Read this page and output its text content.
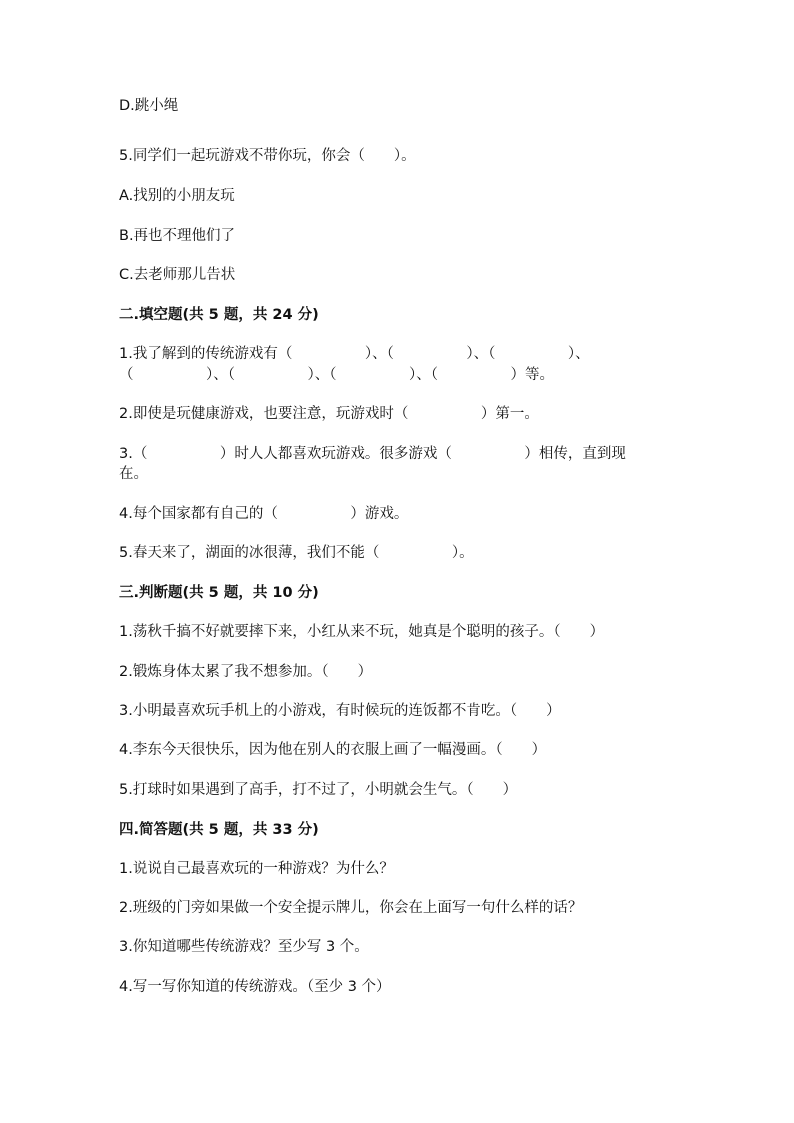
D.跳小绳
5.同学们一起玩游戏不带你玩，你会（　　）。
A.找别的小朋友玩
B.再也不理他们了
C.去老师那儿告状
二.填空题(共 5 题，共 24 分)
1.我了解到的传统游戏有（　　　　　）、（　　　　　）、（　　　　　）、
（　　　　　）、（　　　　　）、（　　　　　）、（　　　　　）等。
2.即使是玩健康游戏，也要注意，玩游戏时（　　　　　）第一。
3.（　　　　　）时人人都喜欢玩游戏。很多游戏（　　　　　）相传，直到现
在。
4.每个国家都有自己的（　　　　　）游戏。
5.春天来了，湖面的冰很薄，我们不能（　　　　　）。
三.判断题(共 5 题，共 10 分)
1.荡秋千搞不好就要摔下来，小红从来不玩，她真是个聪明的孩子。（　　）
2.锻炼身体太累了我不想参加。（　　）
3.小明最喜欢玩手机上的小游戏，有时候玩的连饭都不肯吃。（　　）
4.李东今天很快乐，因为他在别人的衣服上画了一幅漫画。（　　）
5.打球时如果遇到了高手，打不过了，小明就会生气。（　　）
四.简答题(共 5 题，共 33 分)
1.说说自己最喜欢玩的一种游戏？为什么？
2.班级的门旁如果做一个安全提示牌儿，你会在上面写一句什么样的话？
3.你知道哪些传统游戏？至少写 3 个。
4.写一写你知道的传统游戏。（至少 3 个）
